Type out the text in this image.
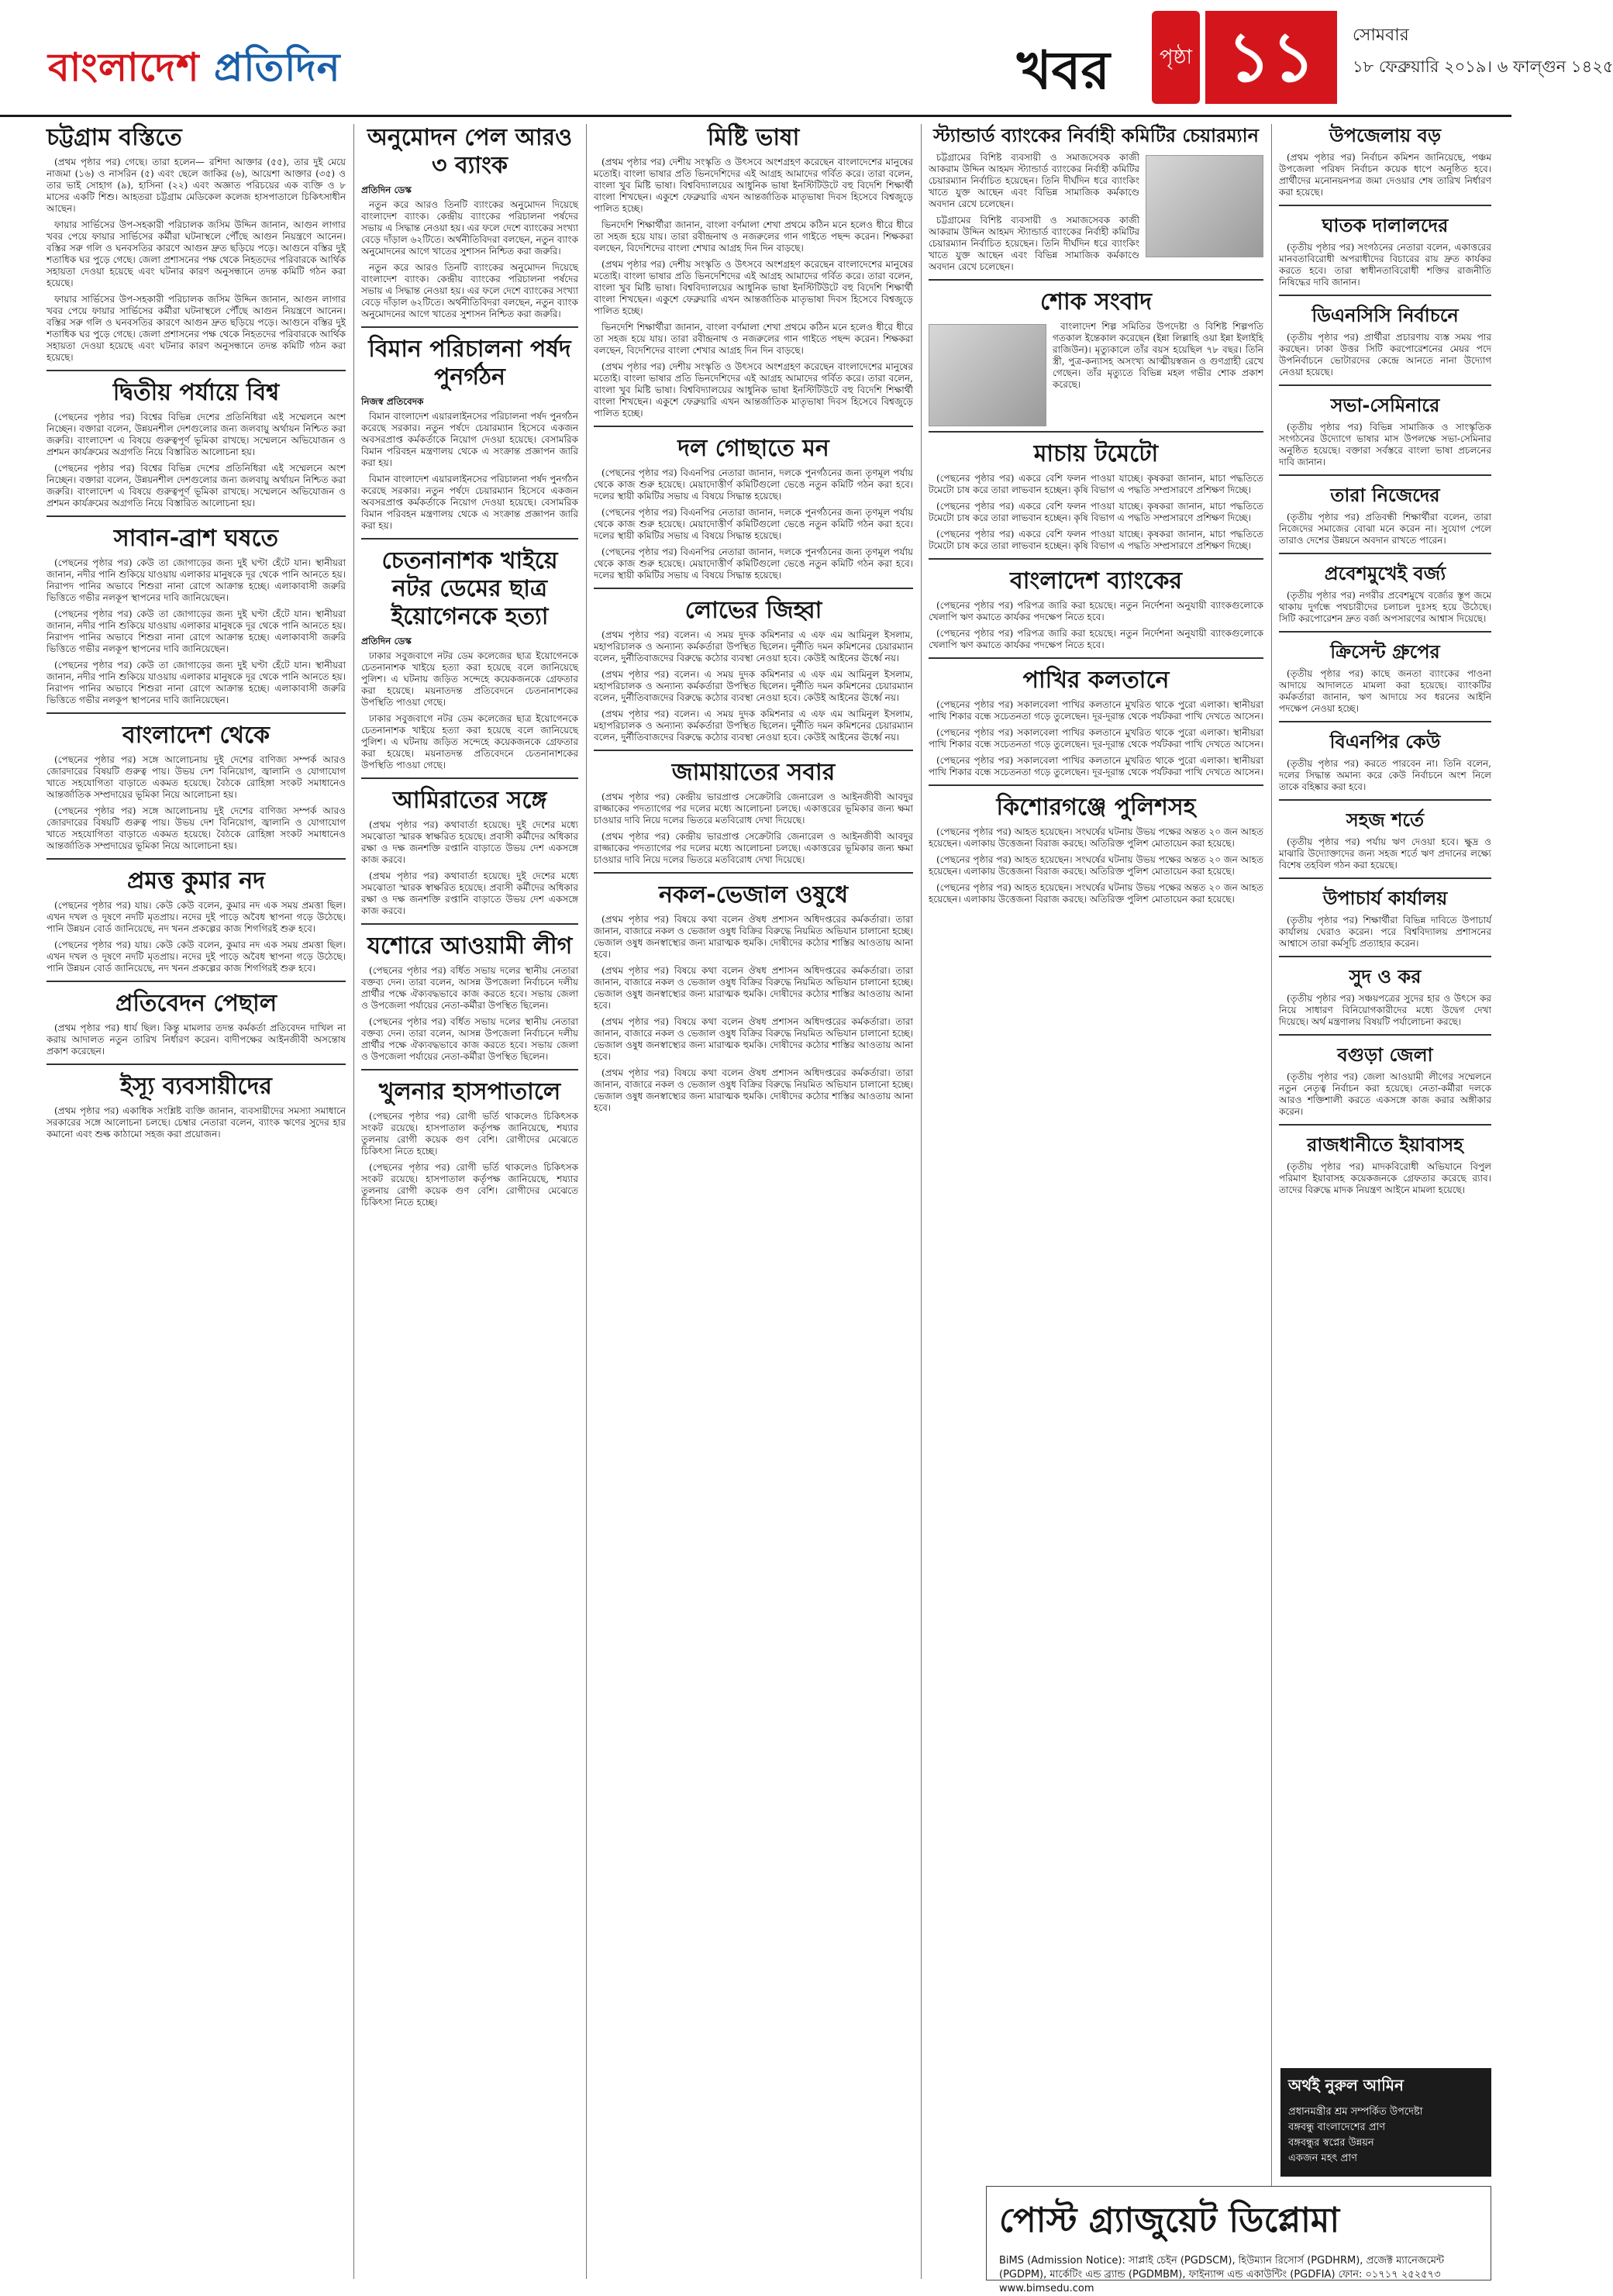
বাংলাদেশ প্রতিদিন	খবর	পৃষ্ঠা ১১	সোমবার
১৮ ফেব্রুয়ারি ২০১৯। ৬ ফাল্গুন ১৪২৫
চট্টগ্রাম বস্তিতে

(প্রথম পৃষ্ঠার পর) গেছে। তারা হলেন— রশিদা আক্তার (৫৫), তার দুই মেয়ে নাজমা (১৬) ও নাসরিন (৫) এবং ছেলে জাকির (৬), আয়েশা আক্তার (৩৫) ও তার ভাই সোহাগ (৯), হাসিনা (২২) এবং অজ্ঞাত পরিচয়ের এক ব্যক্তি ও ৮ মাসের একটি শিশু। আহতরা চট্টগ্রাম মেডিকেল কলেজ হাসপাতালে চিকিৎসাধীন আছেন।

ফায়ার সার্ভিসের উপ-সহকারী পরিচালক জসিম উদ্দিন জানান, আগুন লাগার খবর পেয়ে ফায়ার সার্ভিসের কর্মীরা ঘটনাস্থলে পৌঁছে আগুন নিয়ন্ত্রণে আনেন। বস্তির সরু গলি ও ঘনবসতির কারণে আগুন দ্রুত ছড়িয়ে পড়ে। আগুনে বস্তির দুই শতাধিক ঘর পুড়ে গেছে। জেলা প্রশাসনের পক্ষ থেকে নিহতদের পরিবারকে আর্থিক সহায়তা দেওয়া হয়েছে এবং ঘটনার কারণ অনুসন্ধানে তদন্ত কমিটি গঠন করা হয়েছে।

ফায়ার সার্ভিসের উপ-সহকারী পরিচালক জসিম উদ্দিন জানান, আগুন লাগার খবর পেয়ে ফায়ার সার্ভিসের কর্মীরা ঘটনাস্থলে পৌঁছে আগুন নিয়ন্ত্রণে আনেন। বস্তির সরু গলি ও ঘনবসতির কারণে আগুন দ্রুত ছড়িয়ে পড়ে। আগুনে বস্তির দুই শতাধিক ঘর পুড়ে গেছে। জেলা প্রশাসনের পক্ষ থেকে নিহতদের পরিবারকে আর্থিক সহায়তা দেওয়া হয়েছে এবং ঘটনার কারণ অনুসন্ধানে তদন্ত কমিটি গঠন করা হয়েছে।

দ্বিতীয় পর্যায়ে বিশ্ব

(পেছনের পৃষ্ঠার পর) বিশ্বের বিভিন্ন দেশের প্রতিনিধিরা এই সম্মেলনে অংশ নিচ্ছেন। বক্তারা বলেন, উন্নয়নশীল দেশগুলোর জন্য জলবায়ু অর্থায়ন নিশ্চিত করা জরুরি। বাংলাদেশ এ বিষয়ে গুরুত্বপূর্ণ ভূমিকা রাখছে। সম্মেলনে অভিযোজন ও প্রশমন কার্যক্রমের অগ্রগতি নিয়ে বিস্তারিত আলোচনা হয়।

(পেছনের পৃষ্ঠার পর) বিশ্বের বিভিন্ন দেশের প্রতিনিধিরা এই সম্মেলনে অংশ নিচ্ছেন। বক্তারা বলেন, উন্নয়নশীল দেশগুলোর জন্য জলবায়ু অর্থায়ন নিশ্চিত করা জরুরি। বাংলাদেশ এ বিষয়ে গুরুত্বপূর্ণ ভূমিকা রাখছে। সম্মেলনে অভিযোজন ও প্রশমন কার্যক্রমের অগ্রগতি নিয়ে বিস্তারিত আলোচনা হয়।

সাবান-ব্রাশ ঘষতে

(পেছনের পৃষ্ঠার পর) কেউ তা জোগাড়ের জন্য দুই ঘণ্টা হেঁটে যান। স্থানীয়রা জানান, নদীর পানি শুকিয়ে যাওয়ায় এলাকার মানুষকে দূর থেকে পানি আনতে হয়। নিরাপদ পানির অভাবে শিশুরা নানা রোগে আক্রান্ত হচ্ছে। এলাকাবাসী জরুরি ভিত্তিতে গভীর নলকূপ স্থাপনের দাবি জানিয়েছেন।

(পেছনের পৃষ্ঠার পর) কেউ তা জোগাড়ের জন্য দুই ঘণ্টা হেঁটে যান। স্থানীয়রা জানান, নদীর পানি শুকিয়ে যাওয়ায় এলাকার মানুষকে দূর থেকে পানি আনতে হয়। নিরাপদ পানির অভাবে শিশুরা নানা রোগে আক্রান্ত হচ্ছে। এলাকাবাসী জরুরি ভিত্তিতে গভীর নলকূপ স্থাপনের দাবি জানিয়েছেন।

(পেছনের পৃষ্ঠার পর) কেউ তা জোগাড়ের জন্য দুই ঘণ্টা হেঁটে যান। স্থানীয়রা জানান, নদীর পানি শুকিয়ে যাওয়ায় এলাকার মানুষকে দূর থেকে পানি আনতে হয়। নিরাপদ পানির অভাবে শিশুরা নানা রোগে আক্রান্ত হচ্ছে। এলাকাবাসী জরুরি ভিত্তিতে গভীর নলকূপ স্থাপনের দাবি জানিয়েছেন।

বাংলাদেশ থেকে

(পেছনের পৃষ্ঠার পর) সঙ্গে আলোচনায় দুই দেশের বাণিজ্য সম্পর্ক আরও জোরদারের বিষয়টি গুরুত্ব পায়। উভয় দেশ বিনিয়োগ, জ্বালানি ও যোগাযোগ খাতে সহযোগিতা বাড়াতে একমত হয়েছে। বৈঠকে রোহিঙ্গা সংকট সমাধানেও আন্তর্জাতিক সম্প্রদায়ের ভূমিকা নিয়ে আলোচনা হয়।

(পেছনের পৃষ্ঠার পর) সঙ্গে আলোচনায় দুই দেশের বাণিজ্য সম্পর্ক আরও জোরদারের বিষয়টি গুরুত্ব পায়। উভয় দেশ বিনিয়োগ, জ্বালানি ও যোগাযোগ খাতে সহযোগিতা বাড়াতে একমত হয়েছে। বৈঠকে রোহিঙ্গা সংকট সমাধানেও আন্তর্জাতিক সম্প্রদায়ের ভূমিকা নিয়ে আলোচনা হয়।

প্রমত্ত কুমার নদ

(পেছনের পৃষ্ঠার পর) যায়। কেউ কেউ বলেন, কুমার নদ এক সময় প্রমত্তা ছিল। এখন দখল ও দূষণে নদটি মৃতপ্রায়। নদের দুই পাড়ে অবৈধ স্থাপনা গড়ে উঠেছে। পানি উন্নয়ন বোর্ড জানিয়েছে, নদ খনন প্রকল্পের কাজ শিগগিরই শুরু হবে।

(পেছনের পৃষ্ঠার পর) যায়। কেউ কেউ বলেন, কুমার নদ এক সময় প্রমত্তা ছিল। এখন দখল ও দূষণে নদটি মৃতপ্রায়। নদের দুই পাড়ে অবৈধ স্থাপনা গড়ে উঠেছে। পানি উন্নয়ন বোর্ড জানিয়েছে, নদ খনন প্রকল্পের কাজ শিগগিরই শুরু হবে।

প্রতিবেদন পেছাল

(প্রথম পৃষ্ঠার পর) ধার্য ছিল। কিন্তু মামলার তদন্ত কর্মকর্তা প্রতিবেদন দাখিল না করায় আদালত নতুন তারিখ নির্ধারণ করেন। বাদীপক্ষের আইনজীবী অসন্তোষ প্রকাশ করেছেন।

ইস্যূ ব্যবসায়ীদের

(প্রথম পৃষ্ঠার পর) একাধিক সংশ্লিষ্ট ব্যক্তি জানান, ব্যবসায়ীদের সমস্যা সমাধানে সরকারের সঙ্গে আলোচনা চলছে। চেম্বার নেতারা বলেন, ব্যাংক ঋণের সুদের হার কমানো এবং শুল্ক কাঠামো সহজ করা প্রয়োজন।

অনুমোদন পেল আরও ৩ ব্যাংক
প্রতিদিন ডেস্ক

নতুন করে আরও তিনটি ব্যাংকের অনুমোদন দিয়েছে বাংলাদেশ ব্যাংক। কেন্দ্রীয় ব্যাংকের পরিচালনা পর্ষদের সভায় এ সিদ্ধান্ত নেওয়া হয়। এর ফলে দেশে ব্যাংকের সংখ্যা বেড়ে দাঁড়াল ৬২টিতে। অর্থনীতিবিদরা বলছেন, নতুন ব্যাংক অনুমোদনের আগে খাতের সুশাসন নিশ্চিত করা জরুরি।

নতুন করে আরও তিনটি ব্যাংকের অনুমোদন দিয়েছে বাংলাদেশ ব্যাংক। কেন্দ্রীয় ব্যাংকের পরিচালনা পর্ষদের সভায় এ সিদ্ধান্ত নেওয়া হয়। এর ফলে দেশে ব্যাংকের সংখ্যা বেড়ে দাঁড়াল ৬২টিতে। অর্থনীতিবিদরা বলছেন, নতুন ব্যাংক অনুমোদনের আগে খাতের সুশাসন নিশ্চিত করা জরুরি।

বিমান পরিচালনা পর্ষদ পুনর্গঠন
নিজস্ব প্রতিবেদক

বিমান বাংলাদেশ এয়ারলাইনসের পরিচালনা পর্ষদ পুনর্গঠন করেছে সরকার। নতুন পর্ষদে চেয়ারম্যান হিসেবে একজন অবসরপ্রাপ্ত কর্মকর্তাকে নিয়োগ দেওয়া হয়েছে। বেসামরিক বিমান পরিবহন মন্ত্রণালয় থেকে এ সংক্রান্ত প্রজ্ঞাপন জারি করা হয়।

বিমান বাংলাদেশ এয়ারলাইনসের পরিচালনা পর্ষদ পুনর্গঠন করেছে সরকার। নতুন পর্ষদে চেয়ারম্যান হিসেবে একজন অবসরপ্রাপ্ত কর্মকর্তাকে নিয়োগ দেওয়া হয়েছে। বেসামরিক বিমান পরিবহন মন্ত্রণালয় থেকে এ সংক্রান্ত প্রজ্ঞাপন জারি করা হয়।

চেতনানাশক খাইয়ে নটর ডেমের ছাত্র ইয়োগেনকে হত্যা
প্রতিদিন ডেস্ক

ঢাকার সবুজবাগে নটর ডেম কলেজের ছাত্র ইয়োগেনকে চেতনানাশক খাইয়ে হত্যা করা হয়েছে বলে জানিয়েছে পুলিশ। এ ঘটনায় জড়িত সন্দেহে কয়েকজনকে গ্রেফতার করা হয়েছে। ময়নাতদন্ত প্রতিবেদনে চেতনানাশকের উপস্থিতি পাওয়া গেছে।

ঢাকার সবুজবাগে নটর ডেম কলেজের ছাত্র ইয়োগেনকে চেতনানাশক খাইয়ে হত্যা করা হয়েছে বলে জানিয়েছে পুলিশ। এ ঘটনায় জড়িত সন্দেহে কয়েকজনকে গ্রেফতার করা হয়েছে। ময়নাতদন্ত প্রতিবেদনে চেতনানাশকের উপস্থিতি পাওয়া গেছে।

আমিরাতের সঙ্গে

(প্রথম পৃষ্ঠার পর) কথাবার্তা হয়েছে। দুই দেশের মধ্যে সমঝোতা স্মারক স্বাক্ষরিত হয়েছে। প্রবাসী কর্মীদের অধিকার রক্ষা ও দক্ষ জনশক্তি রপ্তানি বাড়াতে উভয় দেশ একসঙ্গে কাজ করবে।

(প্রথম পৃষ্ঠার পর) কথাবার্তা হয়েছে। দুই দেশের মধ্যে সমঝোতা স্মারক স্বাক্ষরিত হয়েছে। প্রবাসী কর্মীদের অধিকার রক্ষা ও দক্ষ জনশক্তি রপ্তানি বাড়াতে উভয় দেশ একসঙ্গে কাজ করবে।

যশোরে আওয়ামী লীগ

(পেছনের পৃষ্ঠার পর) বর্ধিত সভায় দলের স্থানীয় নেতারা বক্তব্য দেন। তারা বলেন, আসন্ন উপজেলা নির্বাচনে দলীয় প্রার্থীর পক্ষে ঐক্যবদ্ধভাবে কাজ করতে হবে। সভায় জেলা ও উপজেলা পর্যায়ের নেতা-কর্মীরা উপস্থিত ছিলেন।

(পেছনের পৃষ্ঠার পর) বর্ধিত সভায় দলের স্থানীয় নেতারা বক্তব্য দেন। তারা বলেন, আসন্ন উপজেলা নির্বাচনে দলীয় প্রার্থীর পক্ষে ঐক্যবদ্ধভাবে কাজ করতে হবে। সভায় জেলা ও উপজেলা পর্যায়ের নেতা-কর্মীরা উপস্থিত ছিলেন।

খুলনার হাসপাতালে

(পেছনের পৃষ্ঠার পর) রোগী ভর্তি থাকলেও চিকিৎসক সংকট রয়েছে। হাসপাতাল কর্তৃপক্ষ জানিয়েছে, শয্যার তুলনায় রোগী কয়েক গুণ বেশি। রোগীদের মেঝেতে চিকিৎসা নিতে হচ্ছে।

(পেছনের পৃষ্ঠার পর) রোগী ভর্তি থাকলেও চিকিৎসক সংকট রয়েছে। হাসপাতাল কর্তৃপক্ষ জানিয়েছে, শয্যার তুলনায় রোগী কয়েক গুণ বেশি। রোগীদের মেঝেতে চিকিৎসা নিতে হচ্ছে।

মিষ্টি ভাষা

(প্রথম পৃষ্ঠার পর) দেশীয় সংস্কৃতি ও উৎসবে অংশগ্রহণ করেছেন বাংলাদেশের মানুষের মতোই। বাংলা ভাষার প্রতি ভিনদেশিদের এই আগ্রহ আমাদের গর্বিত করে। তারা বলেন, বাংলা খুব মিষ্টি ভাষা। বিশ্ববিদ্যালয়ের আধুনিক ভাষা ইনস্টিটিউটে বহু বিদেশি শিক্ষার্থী বাংলা শিখছেন। একুশে ফেব্রুয়ারি এখন আন্তর্জাতিক মাতৃভাষা দিবস হিসেবে বিশ্বজুড়ে পালিত হচ্ছে।

ভিনদেশি শিক্ষার্থীরা জানান, বাংলা বর্ণমালা শেখা প্রথমে কঠিন মনে হলেও ধীরে ধীরে তা সহজ হয়ে যায়। তারা রবীন্দ্রনাথ ও নজরুলের গান গাইতে পছন্দ করেন। শিক্ষকরা বলছেন, বিদেশিদের বাংলা শেখার আগ্রহ দিন দিন বাড়ছে।

(প্রথম পৃষ্ঠার পর) দেশীয় সংস্কৃতি ও উৎসবে অংশগ্রহণ করেছেন বাংলাদেশের মানুষের মতোই। বাংলা ভাষার প্রতি ভিনদেশিদের এই আগ্রহ আমাদের গর্বিত করে। তারা বলেন, বাংলা খুব মিষ্টি ভাষা। বিশ্ববিদ্যালয়ের আধুনিক ভাষা ইনস্টিটিউটে বহু বিদেশি শিক্ষার্থী বাংলা শিখছেন। একুশে ফেব্রুয়ারি এখন আন্তর্জাতিক মাতৃভাষা দিবস হিসেবে বিশ্বজুড়ে পালিত হচ্ছে।

ভিনদেশি শিক্ষার্থীরা জানান, বাংলা বর্ণমালা শেখা প্রথমে কঠিন মনে হলেও ধীরে ধীরে তা সহজ হয়ে যায়। তারা রবীন্দ্রনাথ ও নজরুলের গান গাইতে পছন্দ করেন। শিক্ষকরা বলছেন, বিদেশিদের বাংলা শেখার আগ্রহ দিন দিন বাড়ছে।

(প্রথম পৃষ্ঠার পর) দেশীয় সংস্কৃতি ও উৎসবে অংশগ্রহণ করেছেন বাংলাদেশের মানুষের মতোই। বাংলা ভাষার প্রতি ভিনদেশিদের এই আগ্রহ আমাদের গর্বিত করে। তারা বলেন, বাংলা খুব মিষ্টি ভাষা। বিশ্ববিদ্যালয়ের আধুনিক ভাষা ইনস্টিটিউটে বহু বিদেশি শিক্ষার্থী বাংলা শিখছেন। একুশে ফেব্রুয়ারি এখন আন্তর্জাতিক মাতৃভাষা দিবস হিসেবে বিশ্বজুড়ে পালিত হচ্ছে।

দল গোছাতে মন

(পেছনের পৃষ্ঠার পর) বিএনপির নেতারা জানান, দলকে পুনর্গঠনের জন্য তৃণমূল পর্যায় থেকে কাজ শুরু হয়েছে। মেয়াদোত্তীর্ণ কমিটিগুলো ভেঙে নতুন কমিটি গঠন করা হবে। দলের স্থায়ী কমিটির সভায় এ বিষয়ে সিদ্ধান্ত হয়েছে।

(পেছনের পৃষ্ঠার পর) বিএনপির নেতারা জানান, দলকে পুনর্গঠনের জন্য তৃণমূল পর্যায় থেকে কাজ শুরু হয়েছে। মেয়াদোত্তীর্ণ কমিটিগুলো ভেঙে নতুন কমিটি গঠন করা হবে। দলের স্থায়ী কমিটির সভায় এ বিষয়ে সিদ্ধান্ত হয়েছে।

(পেছনের পৃষ্ঠার পর) বিএনপির নেতারা জানান, দলকে পুনর্গঠনের জন্য তৃণমূল পর্যায় থেকে কাজ শুরু হয়েছে। মেয়াদোত্তীর্ণ কমিটিগুলো ভেঙে নতুন কমিটি গঠন করা হবে। দলের স্থায়ী কমিটির সভায় এ বিষয়ে সিদ্ধান্ত হয়েছে।

লোভের জিহ্বা

(প্রথম পৃষ্ঠার পর) বলেন। এ সময় দুদক কমিশনার এ এফ এম আমিনুল ইসলাম, মহাপরিচালক ও অন্যান্য কর্মকর্তারা উপস্থিত ছিলেন। দুর্নীতি দমন কমিশনের চেয়ারম্যান বলেন, দুর্নীতিবাজদের বিরুদ্ধে কঠোর ব্যবস্থা নেওয়া হবে। কেউই আইনের ঊর্ধ্বে নয়।

(প্রথম পৃষ্ঠার পর) বলেন। এ সময় দুদক কমিশনার এ এফ এম আমিনুল ইসলাম, মহাপরিচালক ও অন্যান্য কর্মকর্তারা উপস্থিত ছিলেন। দুর্নীতি দমন কমিশনের চেয়ারম্যান বলেন, দুর্নীতিবাজদের বিরুদ্ধে কঠোর ব্যবস্থা নেওয়া হবে। কেউই আইনের ঊর্ধ্বে নয়।

(প্রথম পৃষ্ঠার পর) বলেন। এ সময় দুদক কমিশনার এ এফ এম আমিনুল ইসলাম, মহাপরিচালক ও অন্যান্য কর্মকর্তারা উপস্থিত ছিলেন। দুর্নীতি দমন কমিশনের চেয়ারম্যান বলেন, দুর্নীতিবাজদের বিরুদ্ধে কঠোর ব্যবস্থা নেওয়া হবে। কেউই আইনের ঊর্ধ্বে নয়।

জামায়াতের সবার

(প্রথম পৃষ্ঠার পর) কেন্দ্রীয় ভারপ্রাপ্ত সেক্রেটারি জেনারেল ও আইনজীবী আবদুর রাজ্জাকের পদত্যাগের পর দলের মধ্যে আলোচনা চলছে। একাত্তরের ভূমিকার জন্য ক্ষমা চাওয়ার দাবি নিয়ে দলের ভিতরে মতবিরোধ দেখা দিয়েছে।

(প্রথম পৃষ্ঠার পর) কেন্দ্রীয় ভারপ্রাপ্ত সেক্রেটারি জেনারেল ও আইনজীবী আবদুর রাজ্জাকের পদত্যাগের পর দলের মধ্যে আলোচনা চলছে। একাত্তরের ভূমিকার জন্য ক্ষমা চাওয়ার দাবি নিয়ে দলের ভিতরে মতবিরোধ দেখা দিয়েছে।

নকল-ভেজাল ওষুধে

(প্রথম পৃষ্ঠার পর) বিষয়ে কথা বলেন ঔষধ প্রশাসন অধিদপ্তরের কর্মকর্তারা। তারা জানান, বাজারে নকল ও ভেজাল ওষুধ বিক্রির বিরুদ্ধে নিয়মিত অভিযান চালানো হচ্ছে। ভেজাল ওষুধ জনস্বাস্থ্যের জন্য মারাত্মক হুমকি। দোষীদের কঠোর শাস্তির আওতায় আনা হবে।

(প্রথম পৃষ্ঠার পর) বিষয়ে কথা বলেন ঔষধ প্রশাসন অধিদপ্তরের কর্মকর্তারা। তারা জানান, বাজারে নকল ও ভেজাল ওষুধ বিক্রির বিরুদ্ধে নিয়মিত অভিযান চালানো হচ্ছে। ভেজাল ওষুধ জনস্বাস্থ্যের জন্য মারাত্মক হুমকি। দোষীদের কঠোর শাস্তির আওতায় আনা হবে।

(প্রথম পৃষ্ঠার পর) বিষয়ে কথা বলেন ঔষধ প্রশাসন অধিদপ্তরের কর্মকর্তারা। তারা জানান, বাজারে নকল ও ভেজাল ওষুধ বিক্রির বিরুদ্ধে নিয়মিত অভিযান চালানো হচ্ছে। ভেজাল ওষুধ জনস্বাস্থ্যের জন্য মারাত্মক হুমকি। দোষীদের কঠোর শাস্তির আওতায় আনা হবে।

(প্রথম পৃষ্ঠার পর) বিষয়ে কথা বলেন ঔষধ প্রশাসন অধিদপ্তরের কর্মকর্তারা। তারা জানান, বাজারে নকল ও ভেজাল ওষুধ বিক্রির বিরুদ্ধে নিয়মিত অভিযান চালানো হচ্ছে। ভেজাল ওষুধ জনস্বাস্থ্যের জন্য মারাত্মক হুমকি। দোষীদের কঠোর শাস্তির আওতায় আনা হবে।

স্ট্যান্ডার্ড ব্যাংকের নির্বাহী কমিটির চেয়ারম্যান

চট্টগ্রামের বিশিষ্ট ব্যবসায়ী ও সমাজসেবক কাজী আকরাম উদ্দিন আহমদ স্ট্যান্ডার্ড ব্যাংকের নির্বাহী কমিটির চেয়ারম্যান নির্বাচিত হয়েছেন। তিনি দীর্ঘদিন ধরে ব্যাংকিং খাতে যুক্ত আছেন এবং বিভিন্ন সামাজিক কর্মকাণ্ডে অবদান রেখে চলেছেন।

চট্টগ্রামের বিশিষ্ট ব্যবসায়ী ও সমাজসেবক কাজী আকরাম উদ্দিন আহমদ স্ট্যান্ডার্ড ব্যাংকের নির্বাহী কমিটির চেয়ারম্যান নির্বাচিত হয়েছেন। তিনি দীর্ঘদিন ধরে ব্যাংকিং খাতে যুক্ত আছেন এবং বিভিন্ন সামাজিক কর্মকাণ্ডে অবদান রেখে চলেছেন।

শোক সংবাদ

বাংলাদেশ শিল্প সমিতির উপদেষ্টা ও বিশিষ্ট শিল্পপতি গতকাল ইন্তেকাল করেছেন (ইন্না লিল্লাহি ওয়া ইন্না ইলাইহি রাজিউন)। মৃত্যুকালে তাঁর বয়স হয়েছিল ৭৮ বছর। তিনি স্ত্রী, পুত্র-কন্যাসহ অসংখ্য আত্মীয়স্বজন ও গুণগ্রাহী রেখে গেছেন। তাঁর মৃত্যুতে বিভিন্ন মহল গভীর শোক প্রকাশ করেছে।

মাচায় টমেটো

(পেছনের পৃষ্ঠার পর) একরে বেশি ফলন পাওয়া যাচ্ছে। কৃষকরা জানান, মাচা পদ্ধতিতে টমেটো চাষ করে তারা লাভবান হচ্ছেন। কৃষি বিভাগ এ পদ্ধতি সম্প্রসারণে প্রশিক্ষণ দিচ্ছে।

(পেছনের পৃষ্ঠার পর) একরে বেশি ফলন পাওয়া যাচ্ছে। কৃষকরা জানান, মাচা পদ্ধতিতে টমেটো চাষ করে তারা লাভবান হচ্ছেন। কৃষি বিভাগ এ পদ্ধতি সম্প্রসারণে প্রশিক্ষণ দিচ্ছে।

(পেছনের পৃষ্ঠার পর) একরে বেশি ফলন পাওয়া যাচ্ছে। কৃষকরা জানান, মাচা পদ্ধতিতে টমেটো চাষ করে তারা লাভবান হচ্ছেন। কৃষি বিভাগ এ পদ্ধতি সম্প্রসারণে প্রশিক্ষণ দিচ্ছে।

বাংলাদেশ ব্যাংকের

(পেছনের পৃষ্ঠার পর) পরিপত্র জারি করা হয়েছে। নতুন নির্দেশনা অনুযায়ী ব্যাংকগুলোকে খেলাপি ঋণ কমাতে কার্যকর পদক্ষেপ নিতে হবে।

(পেছনের পৃষ্ঠার পর) পরিপত্র জারি করা হয়েছে। নতুন নির্দেশনা অনুযায়ী ব্যাংকগুলোকে খেলাপি ঋণ কমাতে কার্যকর পদক্ষেপ নিতে হবে।

পাখির কলতানে

(পেছনের পৃষ্ঠার পর) সকালবেলা পাখির কলতানে মুখরিত থাকে পুরো এলাকা। স্থানীয়রা পাখি শিকার বন্ধে সচেতনতা গড়ে তুলেছেন। দূর-দূরান্ত থেকে পর্যটকরা পাখি দেখতে আসেন।

(পেছনের পৃষ্ঠার পর) সকালবেলা পাখির কলতানে মুখরিত থাকে পুরো এলাকা। স্থানীয়রা পাখি শিকার বন্ধে সচেতনতা গড়ে তুলেছেন। দূর-দূরান্ত থেকে পর্যটকরা পাখি দেখতে আসেন।

(পেছনের পৃষ্ঠার পর) সকালবেলা পাখির কলতানে মুখরিত থাকে পুরো এলাকা। স্থানীয়রা পাখি শিকার বন্ধে সচেতনতা গড়ে তুলেছেন। দূর-দূরান্ত থেকে পর্যটকরা পাখি দেখতে আসেন।

কিশোরগঞ্জে পুলিশসহ

(পেছনের পৃষ্ঠার পর) আহত হয়েছেন। সংঘর্ষের ঘটনায় উভয় পক্ষের অন্তত ২০ জন আহত হয়েছেন। এলাকায় উত্তেজনা বিরাজ করছে। অতিরিক্ত পুলিশ মোতায়েন করা হয়েছে।

(পেছনের পৃষ্ঠার পর) আহত হয়েছেন। সংঘর্ষের ঘটনায় উভয় পক্ষের অন্তত ২০ জন আহত হয়েছেন। এলাকায় উত্তেজনা বিরাজ করছে। অতিরিক্ত পুলিশ মোতায়েন করা হয়েছে।

(পেছনের পৃষ্ঠার পর) আহত হয়েছেন। সংঘর্ষের ঘটনায় উভয় পক্ষের অন্তত ২০ জন আহত হয়েছেন। এলাকায় উত্তেজনা বিরাজ করছে। অতিরিক্ত পুলিশ মোতায়েন করা হয়েছে।

উপজেলায় বড়

(প্রথম পৃষ্ঠার পর) নিৰ্বাচন কমিশন জানিয়েছে, পঞ্চম উপজেলা পরিষদ নির্বাচন কয়েক ধাপে অনুষ্ঠিত হবে। প্রার্থীদের মনোনয়নপত্র জমা দেওয়ার শেষ তারিখ নির্ধারণ করা হয়েছে।

ঘাতক দালালদের

(তৃতীয় পৃষ্ঠার পর) সংগঠনের নেতারা বলেন, একাত্তরের মানবতাবিরোধী অপরাধীদের বিচারের রায় দ্রুত কার্যকর করতে হবে। তারা স্বাধীনতাবিরোধী শক্তির রাজনীতি নিষিদ্ধের দাবি জানান।

ডিএনসিসি নির্বাচনে

(তৃতীয় পৃষ্ঠার পর) প্রার্থীরা প্রচারণায় ব্যস্ত সময় পার করছেন। ঢাকা উত্তর সিটি করপোরেশনের মেয়র পদে উপনির্বাচনে ভোটারদের কেন্দ্রে আনতে নানা উদ্যোগ নেওয়া হয়েছে।

সভা-সেমিনারে

(তৃতীয় পৃষ্ঠার পর) বিভিন্ন সামাজিক ও সাংস্কৃতিক সংগঠনের উদ্যোগে ভাষার মাস উপলক্ষে সভা-সেমিনার অনুষ্ঠিত হয়েছে। বক্তারা সর্বস্তরে বাংলা ভাষা প্রচলনের দাবি জানান।

তারা নিজেদের

(তৃতীয় পৃষ্ঠার পর) প্রতিবন্ধী শিক্ষার্থীরা বলেন, তারা নিজেদের সমাজের বোঝা মনে করেন না। সুযোগ পেলে তারাও দেশের উন্নয়নে অবদান রাখতে পারেন।

প্রবেশমুখেই বর্জ্য

(তৃতীয় পৃষ্ঠার পর) নগরীর প্রবেশমুখে বর্জ্যের স্তূপ জমে থাকায় দুর্গন্ধে পথচারীদের চলাচল দুঃসহ হয়ে উঠেছে। সিটি করপোরেশন দ্রুত বর্জ্য অপসারণের আশ্বাস দিয়েছে।

ক্রিসেন্ট গ্রুপের

(তৃতীয় পৃষ্ঠার পর) কাছে জনতা ব্যাংকের পাওনা আদায়ে আদালতে মামলা করা হয়েছে। ব্যাংকটির কর্মকর্তারা জানান, ঋণ আদায়ে সব ধরনের আইনি পদক্ষেপ নেওয়া হচ্ছে।

বিএনপির কেউ

(তৃতীয় পৃষ্ঠার পর) করতে পারবেন না। তিনি বলেন, দলের সিদ্ধান্ত অমান্য করে কেউ নির্বাচনে অংশ নিলে তাকে বহিষ্কার করা হবে।

সহজ শর্তে

(তৃতীয় পৃষ্ঠার পর) পর্যায় ঋণ দেওয়া হবে। ক্ষুদ্র ও মাঝারি উদ্যোক্তাদের জন্য সহজ শর্তে ঋণ প্রদানের লক্ষ্যে বিশেষ তহবিল গঠন করা হয়েছে।

উপাচার্য কার্যালয়

(তৃতীয় পৃষ্ঠার পর) শিক্ষার্থীরা বিভিন্ন দাবিতে উপাচার্য কার্যালয় ঘেরাও করেন। পরে বিশ্ববিদ্যালয় প্রশাসনের আশ্বাসে তারা কর্মসূচি প্রত্যাহার করেন।

সুদ ও কর

(তৃতীয় পৃষ্ঠার পর) সঞ্চয়পত্রের সুদের হার ও উৎসে কর নিয়ে সাধারণ বিনিয়োগকারীদের মধ্যে উদ্বেগ দেখা দিয়েছে। অর্থ মন্ত্রণালয় বিষয়টি পর্যালোচনা করছে।

বগুড়া জেলা

(তৃতীয় পৃষ্ঠার পর) জেলা আওয়ামী লীগের সম্মেলনে নতুন নেতৃত্ব নির্বাচন করা হয়েছে। নেতা-কর্মীরা দলকে আরও শক্তিশালী করতে একসঙ্গে কাজ করার অঙ্গীকার করেন।

রাজধানীতে ইয়াবাসহ

(তৃতীয় পৃষ্ঠার পর) মাদকবিরোধী অভিযানে বিপুল পরিমাণ ইয়াবাসহ কয়েকজনকে গ্রেফতার করেছে র‌্যাব। তাদের বিরুদ্ধে মাদক নিয়ন্ত্রণ আইনে মামলা হয়েছে।

অর্থই নুরুল আমিন
প্রধানমন্ত্রীর শ্রম সম্পর্কিত উপদেষ্টা
বঙ্গবন্ধু বাংলাদেশের প্রাণ
বঙ্গবন্ধুর স্বপ্নের উন্নয়ন
একজন মহৎ প্রাণ
পোস্ট গ্র্যাজুয়েট ডিপ্লোমা
BiMS (Admission Notice): সাপ্লাই চেইন (PGDSCM), হিউম্যান রিসোর্স (PGDHRM), প্রজেক্ট ম্যানেজমেন্ট (PGDPM), মার্কেটিং এন্ড ব্র্যান্ড (PGDMBM), ফাইন্যান্স এন্ড একাউন্টিং (PGDFIA) ফোন: ০১৭১৭ ২৫২৫৭৩ www.bimsedu.com
